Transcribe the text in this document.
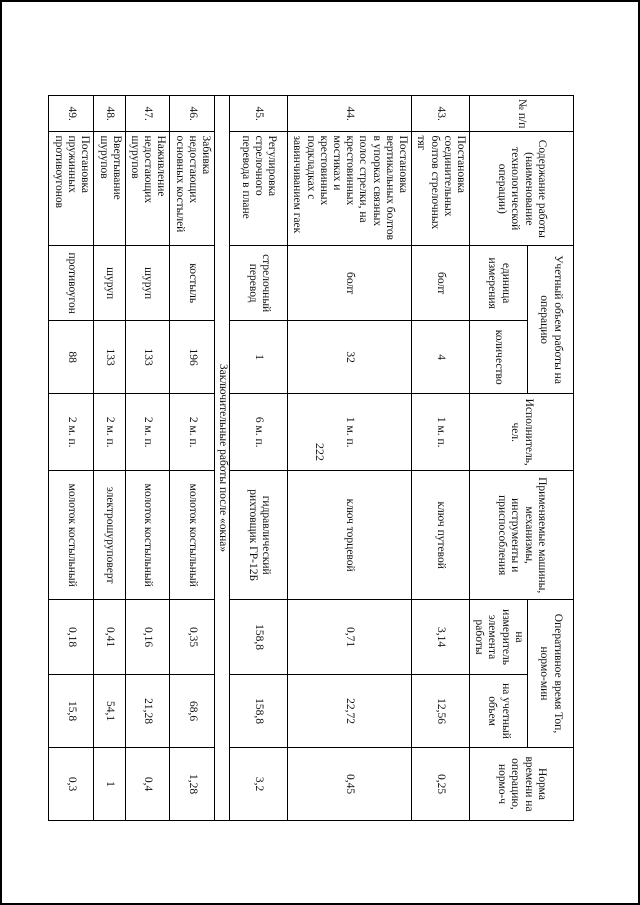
222
№ п/п	Содержание работы (наименование технологической операции)	Учетный объем работы на операцию		Исполнитель, чел.	Применяемые машины, механизмы, инструменты и приспособления	Оперативное время Топ, нормо-мин		Норма времени на операцию, нормо-ч
		единица измерения	количество			на измеритель элемента работы	на учетный объем	
43.	Постановка соединительных болтов стрелочных тяг	болт	4	1 м. п.	ключ путевой	3,14	12,56	0,25
44.	Постановка вертикальных болтов в упорках связных полос стрелки, на крестовинных мостиках и крестовинных подкладках с завинчиванием гаек	болт	32	1 м. п.	ключ торцевой	0,71	22,72	0,45
45.	Регулировка стрелочного перевода в плане	стрелочный перевод	1	6 м. п.	гидравлический рихтовщик ГР-12Б	158,8	158,8	3,2
Заключительные работы после «окна»								
46.	Забивка недостающих основных костылей	костыль	196	2 м. п.	молоток костыльный	0,35	68,6	1,28
47.	Наживление недостающих шурупов	шуруп	133	2 м. п.	молоток костыльный	0,16	21,28	0,4
48.	Ввертывание шурупов	шуруп	133	2 м. п.	электрошуруповерт	0,41	54,1	1
49.	Постановка пружинных противоугонов	противоугон	88	2 м. п.	молоток костыльный	0,18	15,8	0,3
